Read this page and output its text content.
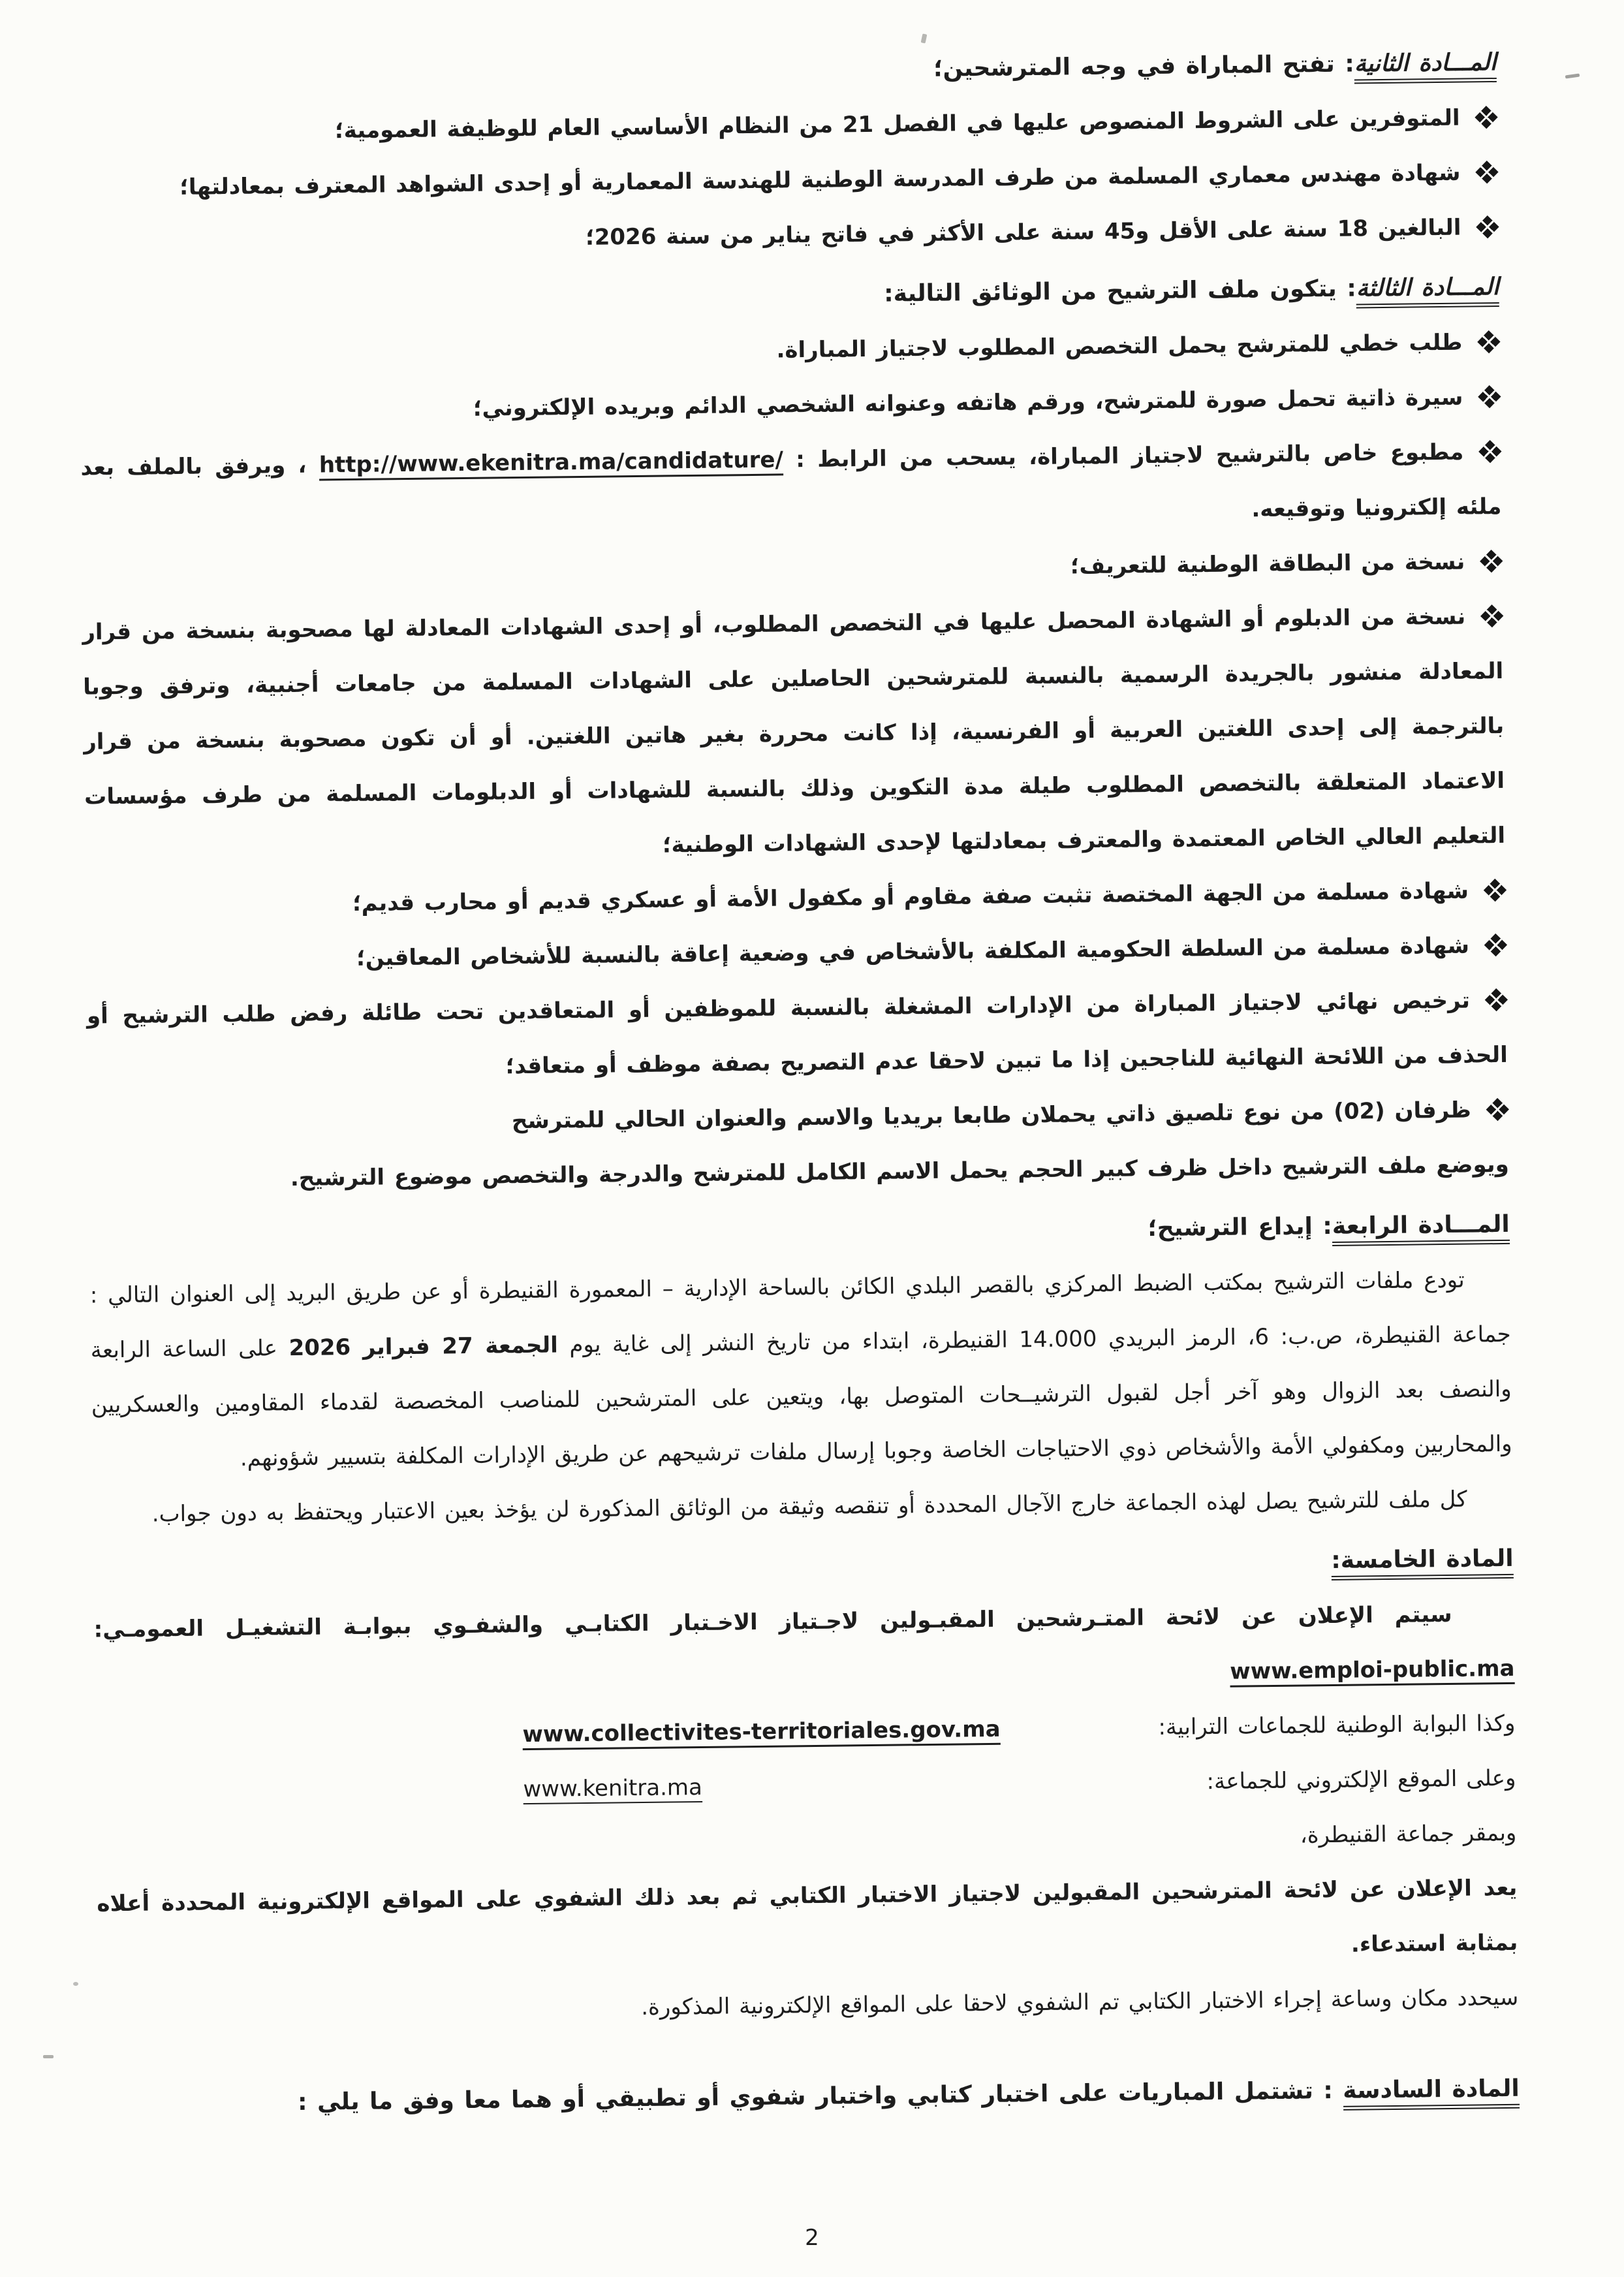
المـــادة الثانية: تفتح المباراة في وجه المترشحين؛
المتوفرين على الشروط المنصوص عليها في الفصل 21 من النظام الأساسي العام للوظيفة العمومية؛
شهادة مهندس معماري المسلمة من طرف المدرسة الوطنية للهندسة المعمارية أو إحدى الشواهد المعترف بمعادلتها؛
البالغين 18 سنة على الأقل و45 سنة على الأكثر في فاتح يناير من سنة 2026؛
المـــادة الثالثة: يتكون ملف الترشيح من الوثائق التالية:
طلب خطي للمترشح يحمل التخصص المطلوب لاجتياز المباراة.
سيرة ذاتية تحمل صورة للمترشح، ورقم هاتفه وعنوانه الشخصي الدائم وبريده الإلكتروني؛
مطبوع خاص بالترشيح لاجتياز المباراة، يسحب من الرابط : http://www.ekenitra.ma/candidature/ ، ويرفق بالملف بعد ملئه إلكترونيا وتوقيعه.
نسخة من البطاقة الوطنية للتعريف؛
نسخة من الدبلوم أو الشهادة المحصل عليها في التخصص المطلوب، أو إحدى الشهادات المعادلة لها مصحوبة بنسخة من قرار المعادلة منشور بالجريدة الرسمية بالنسبة للمترشحين الحاصلين على الشهادات المسلمة من جامعات أجنبية، وترفق وجوبا بالترجمة إلى إحدى اللغتين العربية أو الفرنسية، إذا كانت محررة بغير هاتين اللغتين. أو أن تكون مصحوبة بنسخة من قرار الاعتماد المتعلقة بالتخصص المطلوب طيلة مدة التكوين وذلك بالنسبة للشهادات أو الدبلومات المسلمة من طرف مؤسسات التعليم العالي الخاص المعتمدة والمعترف بمعادلتها لإحدى الشهادات الوطنية؛
شهادة مسلمة من الجهة المختصة تثبت صفة مقاوم أو مكفول الأمة أو عسكري قديم أو محارب قديم؛
شهادة مسلمة من السلطة الحكومية المكلفة بالأشخاص في وضعية إعاقة بالنسبة للأشخاص المعاقين؛
ترخيص نهائي لاجتياز المباراة من الإدارات المشغلة بالنسبة للموظفين أو المتعاقدين تحت طائلة رفض طلب الترشيح أو الحذف من اللائحة النهائية للناجحين إذا ما تبين لاحقا عدم التصريح بصفة موظف أو متعاقد؛
ظرفان (02) من نوع تلصيق ذاتي يحملان طابعا بريديا والاسم والعنوان الحالي للمترشح
ويوضع ملف الترشيح داخل ظرف كبير الحجم يحمل الاسم الكامل للمترشح والدرجة والتخصص موضوع الترشيح.
المـــادة الرابعة: إيداع الترشيح؛
تودع ملفات الترشيح بمكتب الضبط المركزي بالقصر البلدي الكائن بالساحة الإدارية – المعمورة القنيطرة أو عن طريق البريد إلى العنوان التالي : جماعة القنيطرة، ص.ب: 6، الرمز البريدي 14.000 القنيطرة، ابتداء من تاريخ النشر إلى غاية يوم الجمعة 27 فبراير 2026 على الساعة الرابعة والنصف بعد الزوال وهو آخر أجل لقبول الترشيــحات المتوصل بها، ويتعين على المترشحين للمناصب المخصصة لقدماء المقاومين والعسكريين والمحاربين ومكفولي الأمة والأشخاص ذوي الاحتياجات الخاصة وجوبا إرسال ملفات ترشيحهم عن طريق الإدارات المكلفة بتسيير شؤونهم.
كل ملف للترشيح يصل لهذه الجماعة خارج الآجال المحددة أو تنقصه وثيقة من الوثائق المذكورة لن يؤخذ بعين الاعتبار ويحتفظ به دون جواب.
المادة الخامسة:
سيتم الإعلان عن لائحة المتـرشحين المقبـولين لاجـتياز الاخـتبار الكتابـي والشفـوي ببوابـة التشغيـل العمومـي:
www.emploi-public.ma
وكذا البوابة الوطنية للجماعات الترابية:
www.collectivites-territoriales.gov.ma
وعلى الموقع الإلكتروني للجماعة:
www.kenitra.ma
وبمقر جماعة القنيطرة،
يعد الإعلان عن لائحة المترشحين المقبولين لاجتياز الاختبار الكتابي ثم بعد ذلك الشفوي على المواقع الإلكترونية المحددة أعلاه بمثابة استدعاء.
سيحدد مكان وساعة إجراء الاختبار الكتابي تم الشفوي لاحقا على المواقع الإلكترونية المذكورة.
المادة السادسة : تشتمل المباريات على اختبار كتابي واختبار شفوي أو تطبيقي أو هما معا وفق ما يلي :
2
